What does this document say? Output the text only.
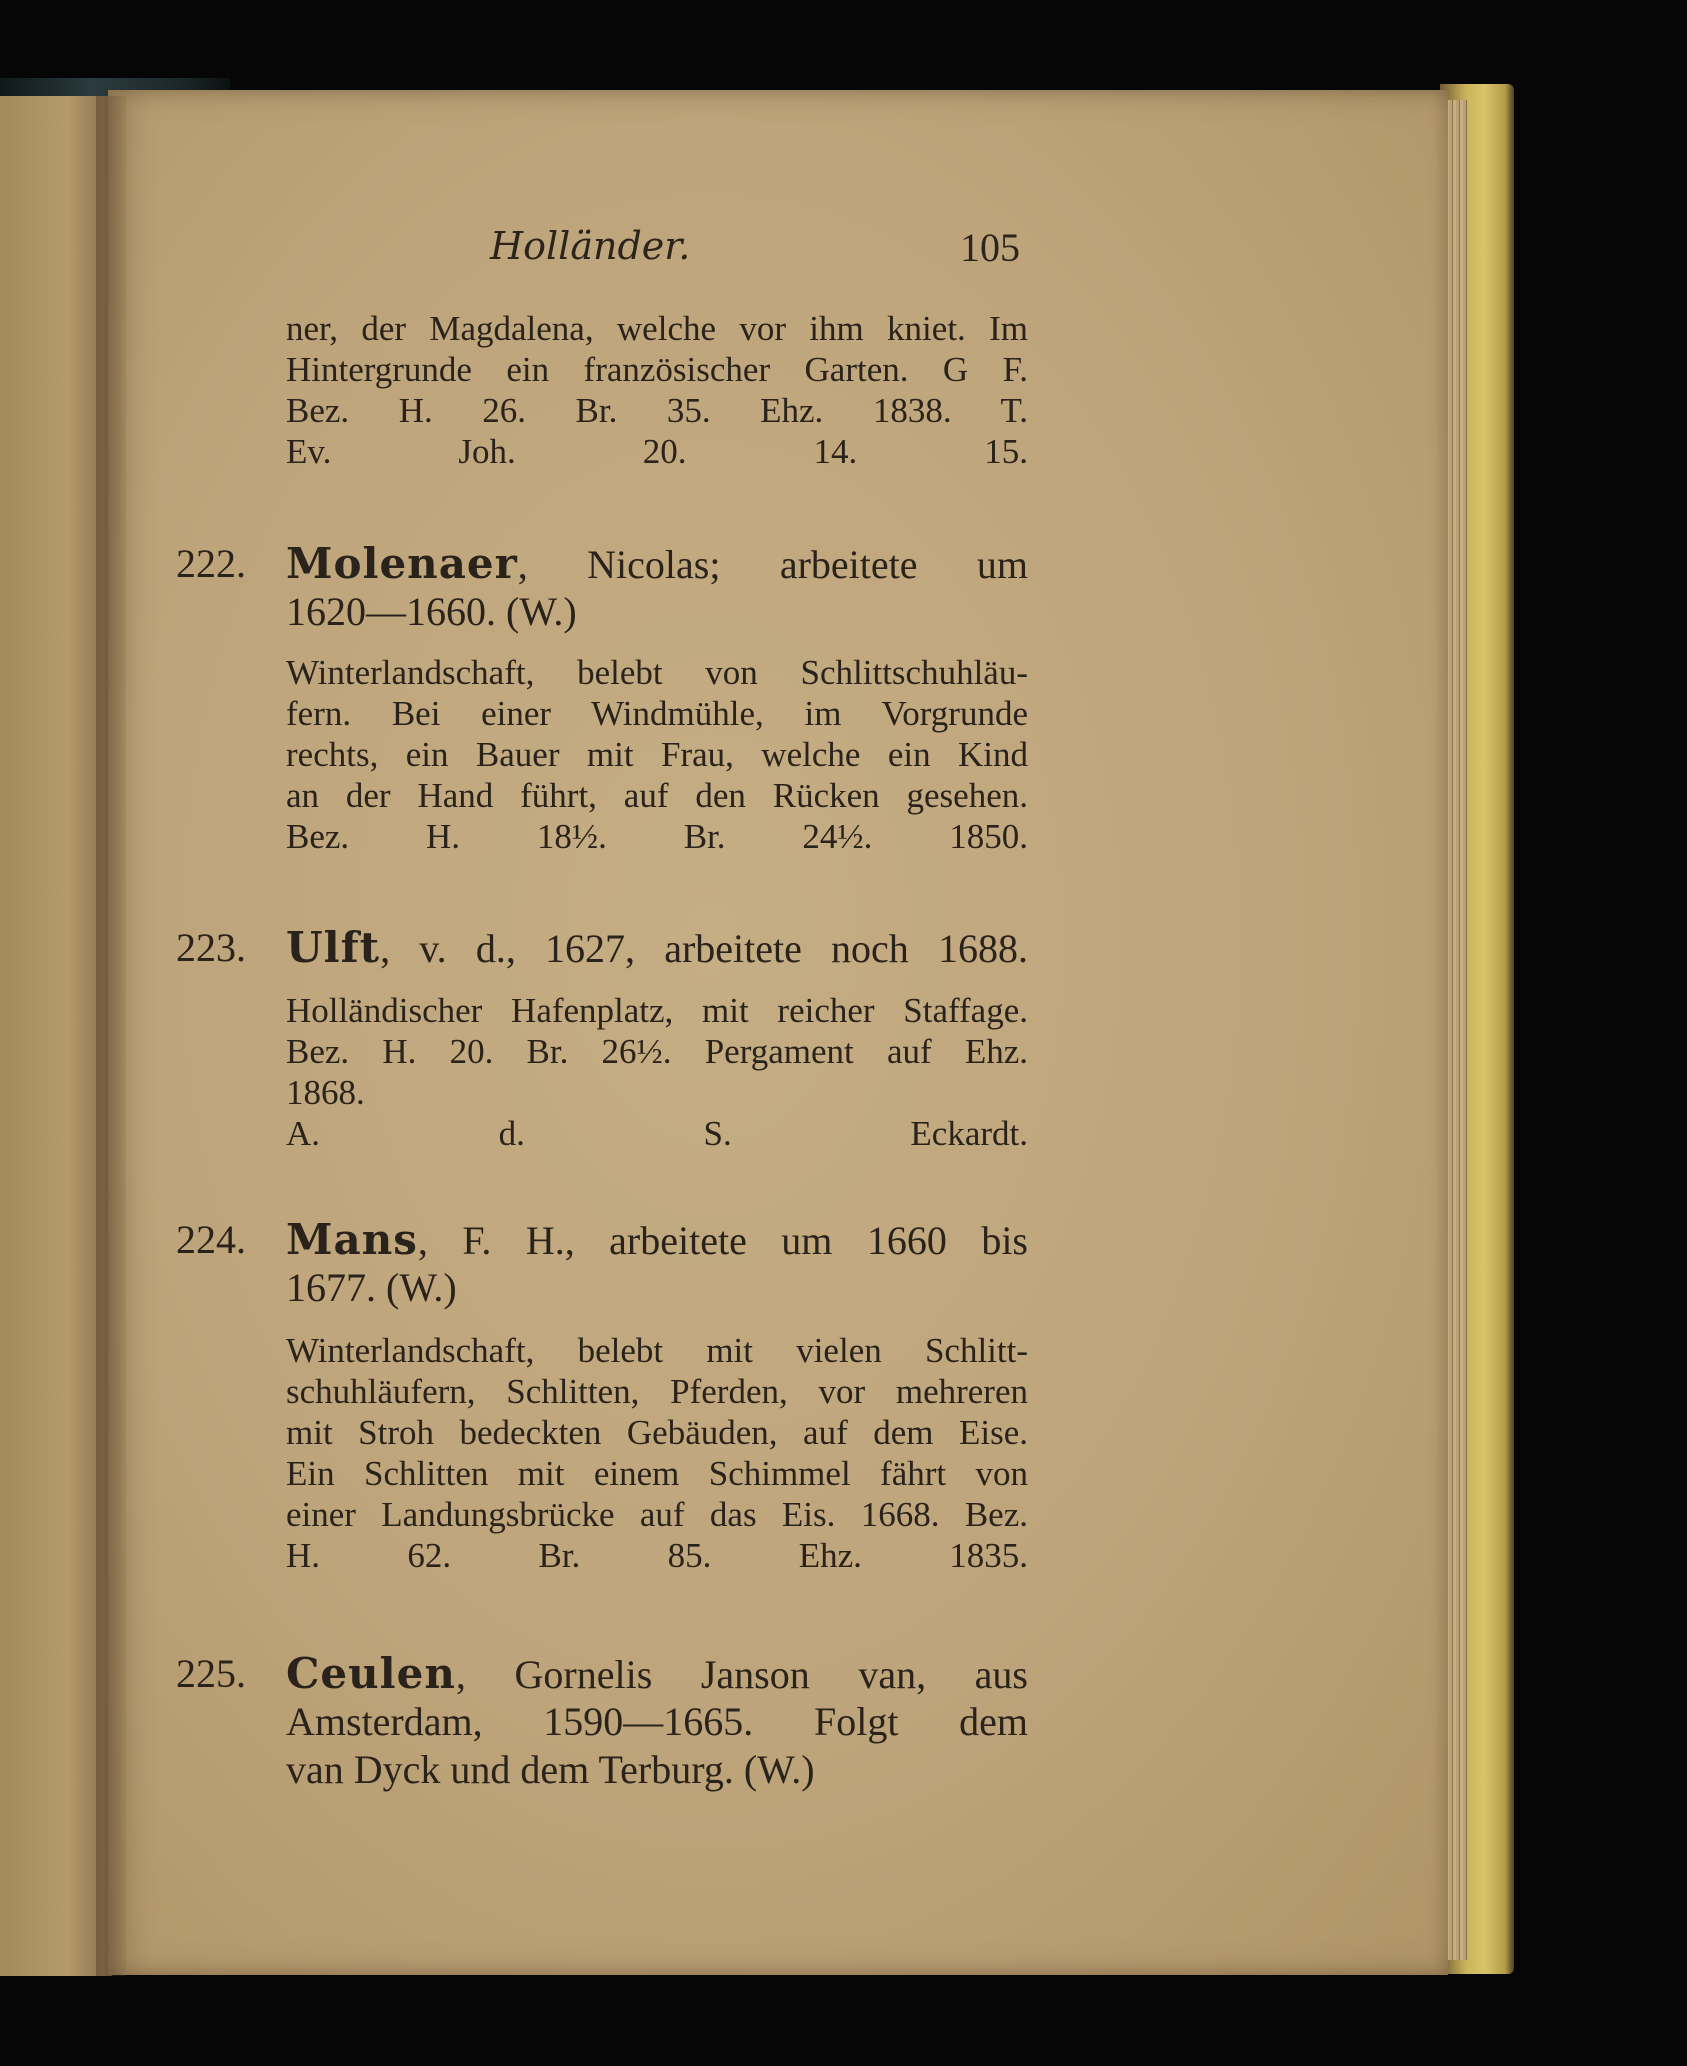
Holländer.	105
ner, der Magdalena, welche vor ihm kniet. Im
Hintergrunde ein französischer Garten. G F.
Bez. H. 26. Br. 35. Ehz. 1838. T.
Ev. Joh. 20. 14. 15.
222. Molenaer, Nicolas; arbeitete um
1620—1660. (W.)
Winterlandschaft, belebt von Schlittschuhläu-
fern. Bei einer Windmühle, im Vorgrunde
rechts, ein Bauer mit Frau, welche ein Kind
an der Hand führt, auf den Rücken gesehen.
Bez. H. 18½. Br. 24½. 1850.
223. Ulft, v. d., 1627, arbeitete noch 1688.
Holländischer Hafenplatz, mit reicher Staffage.
Bez. H. 20. Br. 26½. Pergament auf Ehz.
1868.
A. d. S. Eckardt.
224. Mans, F. H., arbeitete um 1660 bis
1677. (W.)
Winterlandschaft, belebt mit vielen Schlitt-
schuhläufern, Schlitten, Pferden, vor mehreren
mit Stroh bedeckten Gebäuden, auf dem Eise.
Ein Schlitten mit einem Schimmel fährt von
einer Landungsbrücke auf das Eis. 1668. Bez.
H. 62. Br. 85. Ehz. 1835.
225. Ceulen, Gornelis Janson van, aus
Amsterdam, 1590—1665. Folgt dem
van Dyck und dem Terburg. (W.)
